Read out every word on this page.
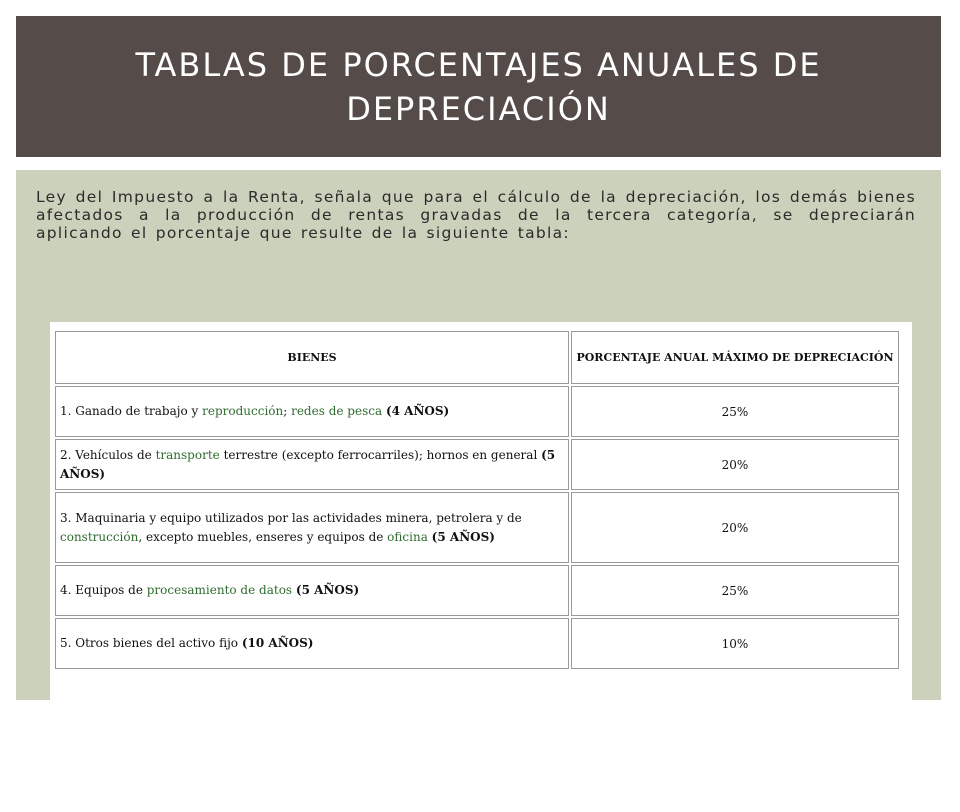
TABLAS DE PORCENTAJES ANUALES DE DEPRECIACIÓN

Ley del Impuesto a la Renta, señala que para el cálculo de la depreciación, los demás bienes afectados a la producción de rentas gravadas de la tercera categoría, se depreciarán aplicando el porcentaje que resulte de la siguiente tabla:

BIENES	PORCENTAJE ANUAL MÁXIMO DE DEPRECIACIÓN
1. Ganado de trabajo y reproducción; redes de pesca (4 AÑOS)	25%
2. Vehículos de transporte terrestre (excepto ferrocarriles); hornos en general (5 AÑOS)	20%
3. Maquinaria y equipo utilizados por las actividades minera, petrolera y de construcción, excepto muebles, enseres y equipos de oficina (5 AÑOS)	20%
4. Equipos de procesamiento de datos (5 AÑOS)	25%
5. Otros bienes del activo fijo (10 AÑOS)	10%
